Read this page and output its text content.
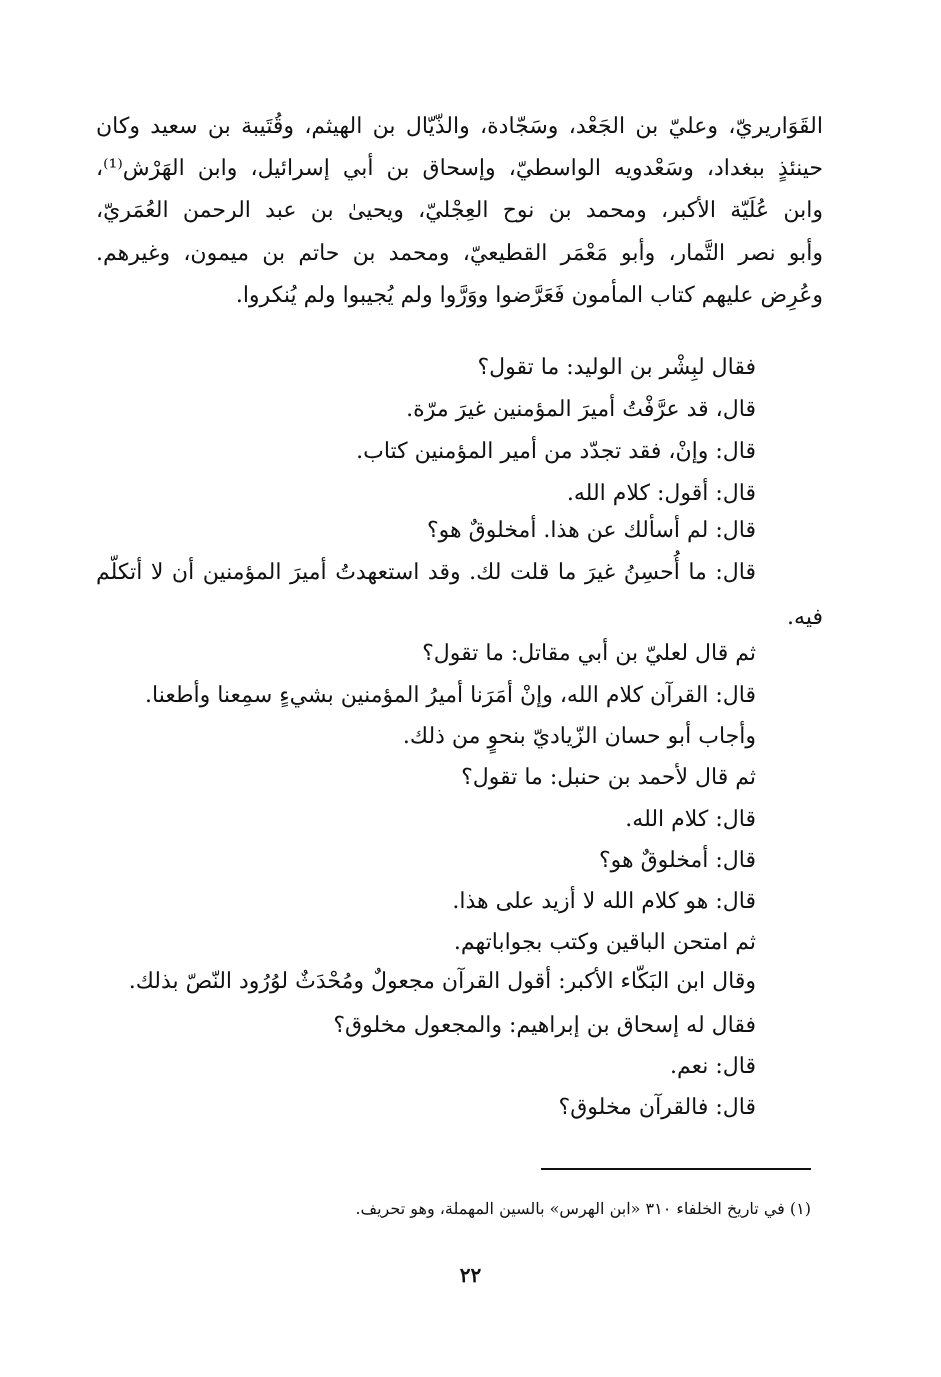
القَوَاريريّ، وعليّ بن الجَعْد، وسَجّادة، والذّيّال بن الهيثم، وقُتَيبة بن سعيد وكان
حينئذٍ ببغداد، وسَعْدويه الواسطيّ، وإسحاق بن أبي إسرائيل، وابن الهَرْش⁽¹⁾،
وابن عُلَيّة الأكبر، ومحمد بن نوح العِجْليّ، ويحيىٰ بن عبد الرحمن العُمَريّ،
وأبو نصر التَّمار، وأبو مَعْمَر القطيعيّ، ومحمد بن حاتم بن ميمون، وغيرهم.
وعُرِض عليهم كتاب المأمون فَعَرَّضوا ووَرَّوا ولم يُجيبوا ولم يُنكروا.
فقال لبِشْر بن الوليد: ما تقول؟
قال، قد عرَّفْتُ أميرَ المؤمنين غيرَ مرّة.
قال: وإنْ، فقد تجدّد من أمير المؤمنين كتاب.
قال: أقول: كلام الله.
قال: لم أسألك عن هذا. أمخلوقٌ هو؟
قال: ما أُحسِنُ غيرَ ما قلت لك. وقد استعهدتُ أميرَ المؤمنين أن لا أتكلّم
فيه.
ثم قال لعليّ بن أبي مقاتل: ما تقول؟
قال: القرآن كلام الله، وإنْ أمَرَنا أميرُ المؤمنين بشيءٍ سمِعنا وأطعنا.
وأجاب أبو حسان الزّياديّ بنحوٍ من ذلك.
ثم قال لأحمد بن حنبل: ما تقول؟
قال: كلام الله.
قال: أمخلوقٌ هو؟
قال: هو كلام الله لا أزيد على هذا.
ثم امتحن الباقين وكتب بجواباتهم.
وقال ابن البَكّاء الأكبر: أقول القرآن مجعولٌ ومُحْدَثٌ لوُرُود النّصّ بذلك.
فقال له إسحاق بن إبراهيم: والمجعول مخلوق؟
قال: نعم.
قال: فالقرآن مخلوق؟
(١) في تاريخ الخلفاء ٣١٠ «ابن الهرس» بالسين المهملة، وهو تحريف.
٢٢
